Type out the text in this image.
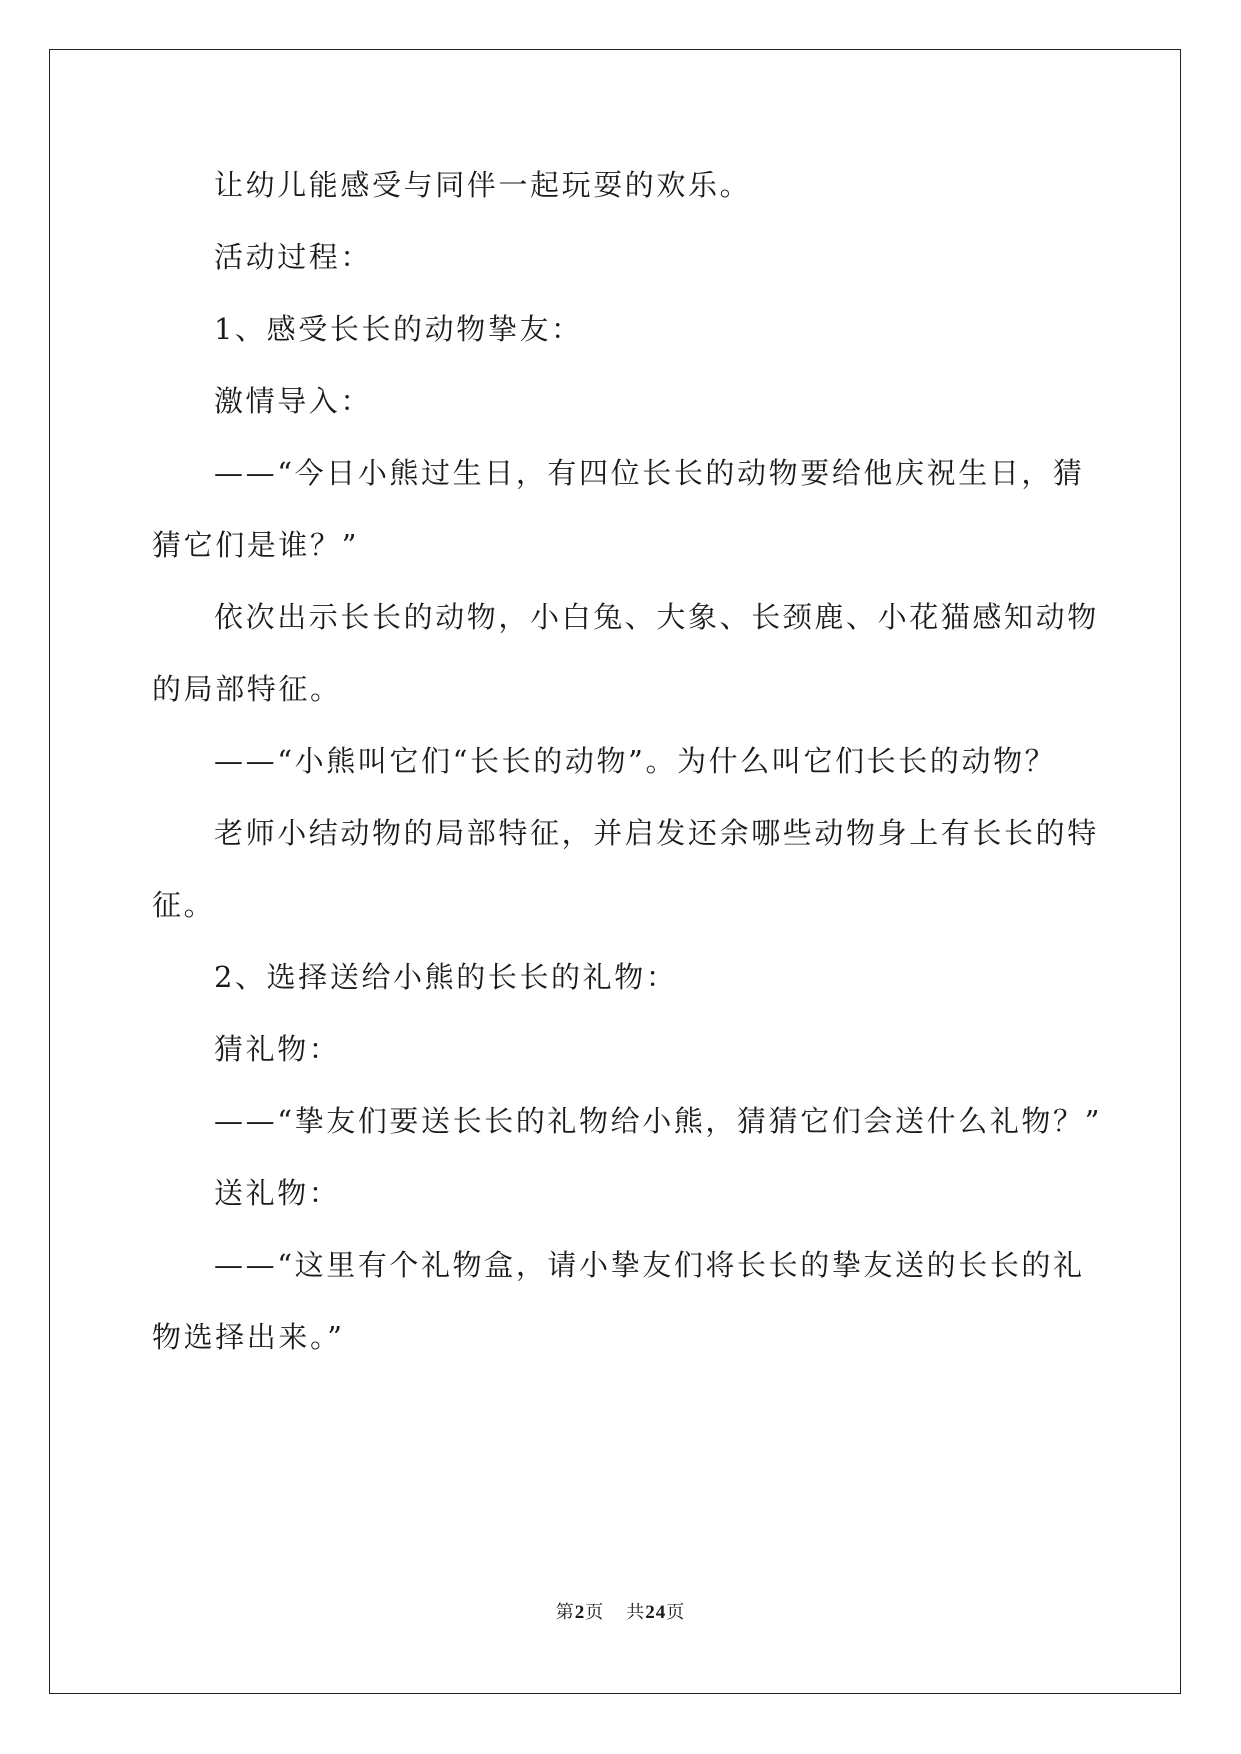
让幼儿能感受与同伴一起玩耍的欢乐。

活动过程：

1、感受长长的动物挚友：

激情导入：

——“今日小熊过生日，有四位长长的动物要给他庆祝生日，猜
猜它们是谁？”

依次出示长长的动物，小白兔、大象、长颈鹿、小花猫感知动物
的局部特征。

——“小熊叫它们“长长的动物”。为什么叫它们长长的动物？

老师小结动物的局部特征，并启发还余哪些动物身上有长长的特
征。

2、选择送给小熊的长长的礼物：

猜礼物：

——“挚友们要送长长的礼物给小熊，猜猜它们会送什么礼物？”

送礼物：

——“这里有个礼物盒，请小挚友们将长长的挚友送的长长的礼
物选择出来。”

第2页 共24页
